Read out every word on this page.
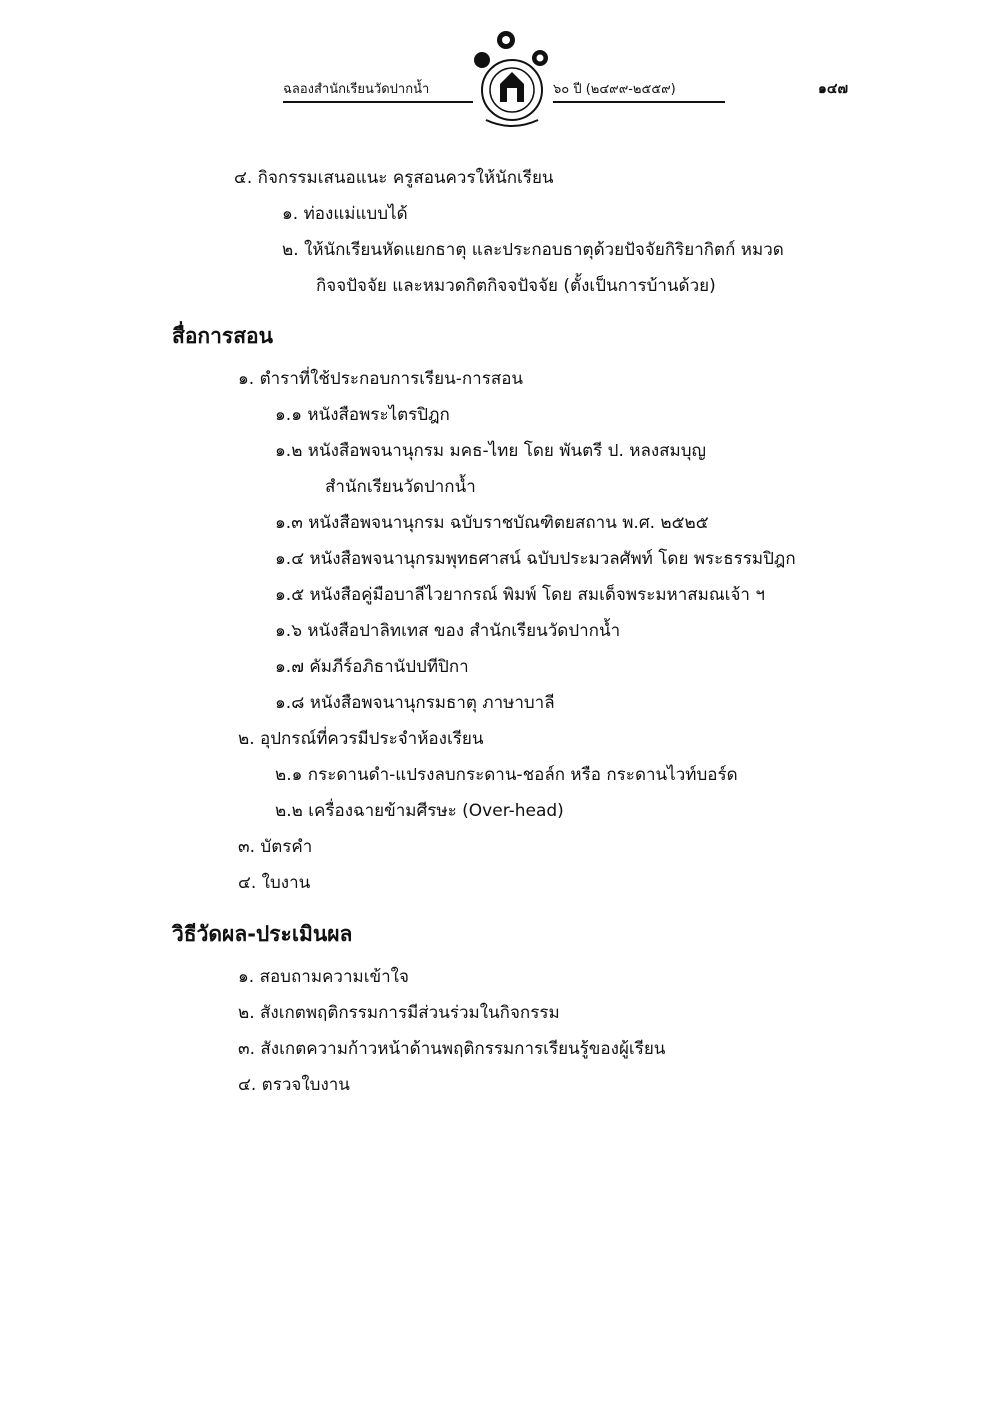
ฉลองสำนักเรียนวัดปากน้ำ	๖๐ ปี (๒๔๙๙-๒๕๕๙)	๑๔๗
๔. กิจกรรมเสนอแนะ ครูสอนควรให้นักเรียน
๑. ท่องแม่แบบได้
๒. ให้นักเรียนหัดแยกธาตุ และประกอบธาตุด้วยปัจจัยกิริยากิตก์ หมวด
กิจจปัจจัย และหมวดกิตกิจจปัจจัย (ตั้งเป็นการบ้านด้วย)
สื่อการสอน
๑. ตำราที่ใช้ประกอบการเรียน-การสอน
๑.๑ หนังสือพระไตรปิฎก
๑.๒ หนังสือพจนานุกรม มคธ-ไทย โดย พันตรี ป. หลงสมบุญ
สำนักเรียนวัดปากน้ำ
๑.๓ หนังสือพจนานุกรม ฉบับราชบัณฑิตยสถาน พ.ศ. ๒๕๒๕
๑.๔ หนังสือพจนานุกรมพุทธศาสน์ ฉบับประมวลศัพท์ โดย พระธรรมปิฎก
๑.๕ หนังสือคู่มือบาลีไวยากรณ์ พิมพ์ โดย สมเด็จพระมหาสมณเจ้า ฯ
๑.๖ หนังสือปาลิทเทส ของ สำนักเรียนวัดปากน้ำ
๑.๗ คัมภีร์อภิธานัปปทีปิกา
๑.๘ หนังสือพจนานุกรมธาตุ ภาษาบาลี
๒. อุปกรณ์ที่ควรมีประจำห้องเรียน
๒.๑ กระดานดำ-แปรงลบกระดาน-ชอล์ก หรือ กระดานไวท์บอร์ด
๒.๒ เครื่องฉายข้ามศีรษะ (Over-head)
๓. บัตรคำ
๔. ใบงาน
วิธีวัดผล-ประเมินผล
๑. สอบถามความเข้าใจ
๒. สังเกตพฤติกรรมการมีส่วนร่วมในกิจกรรม
๓. สังเกตความก้าวหน้าด้านพฤติกรรมการเรียนรู้ของผู้เรียน
๔. ตรวจใบงาน
